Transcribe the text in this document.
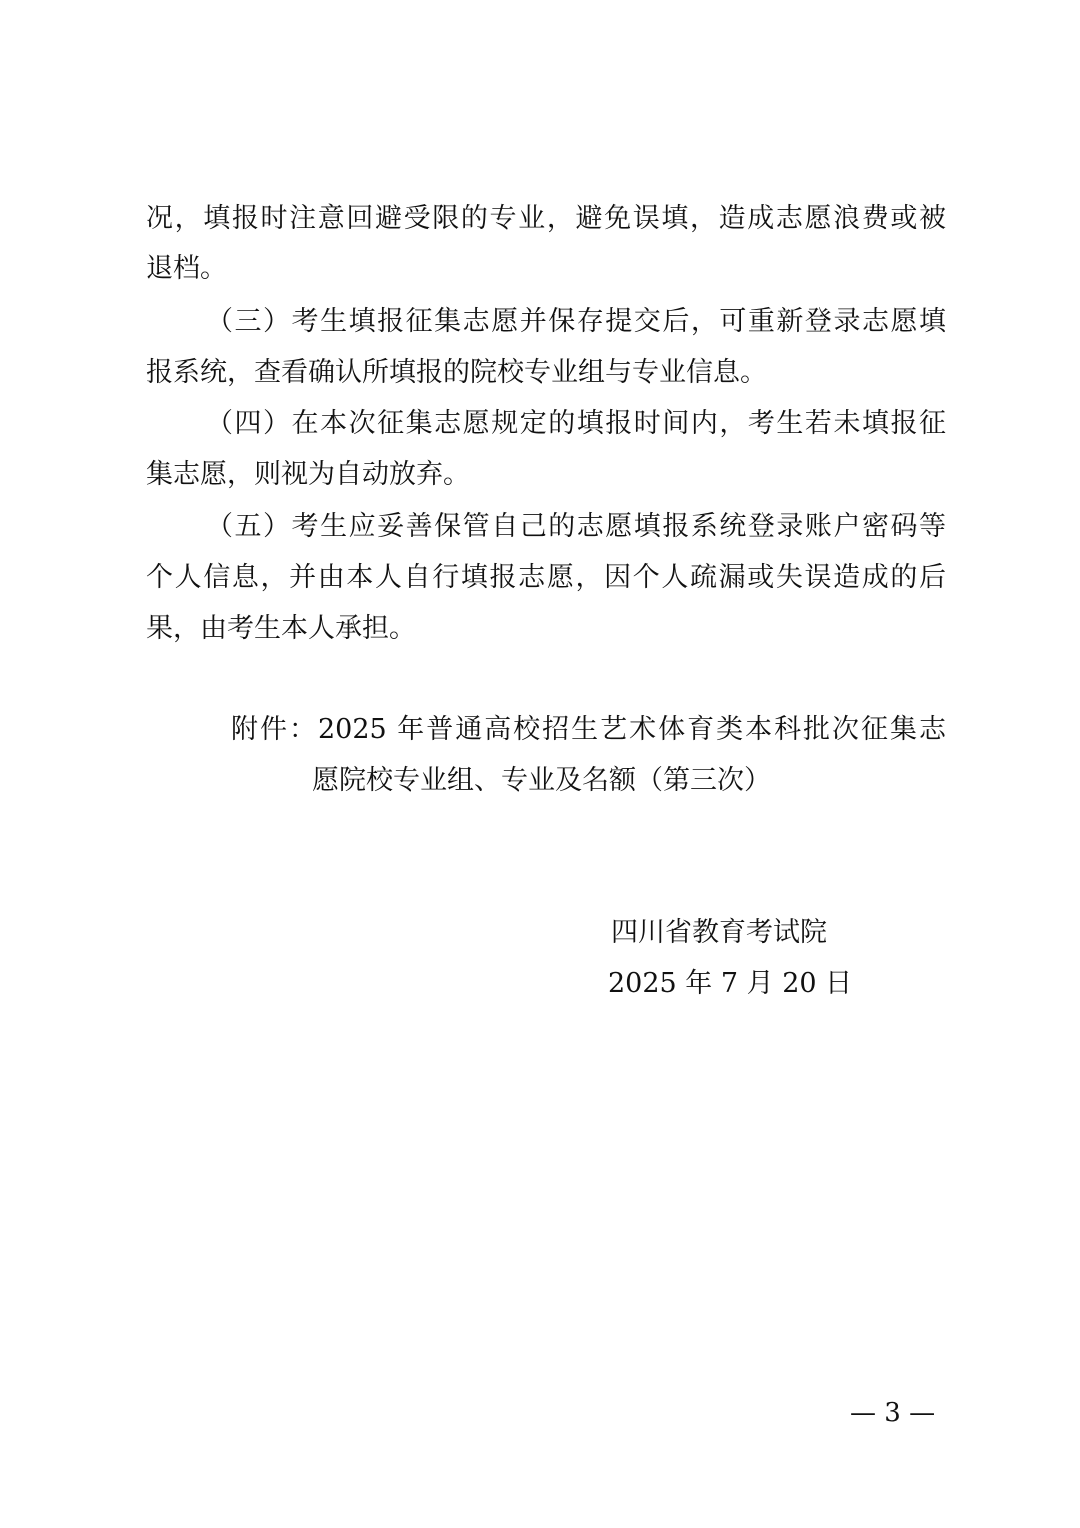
况，填报时注意回避受限的专业，避免误填，造成志愿浪费或被
退档。
（三）考生填报征集志愿并保存提交后，可重新登录志愿填
报系统，查看确认所填报的院校专业组与专业信息。
（四）在本次征集志愿规定的填报时间内，考生若未填报征
集志愿，则视为自动放弃。
（五）考生应妥善保管自己的志愿填报系统登录账户密码等
个人信息，并由本人自行填报志愿，因个人疏漏或失误造成的后
果，由考生本人承担。
附件：2025 年普通高校招生艺术体育类本科批次征集志
愿院校专业组、专业及名额（第三次）
四川省教育考试院
2025 年 7 月 20 日
— 3 —
